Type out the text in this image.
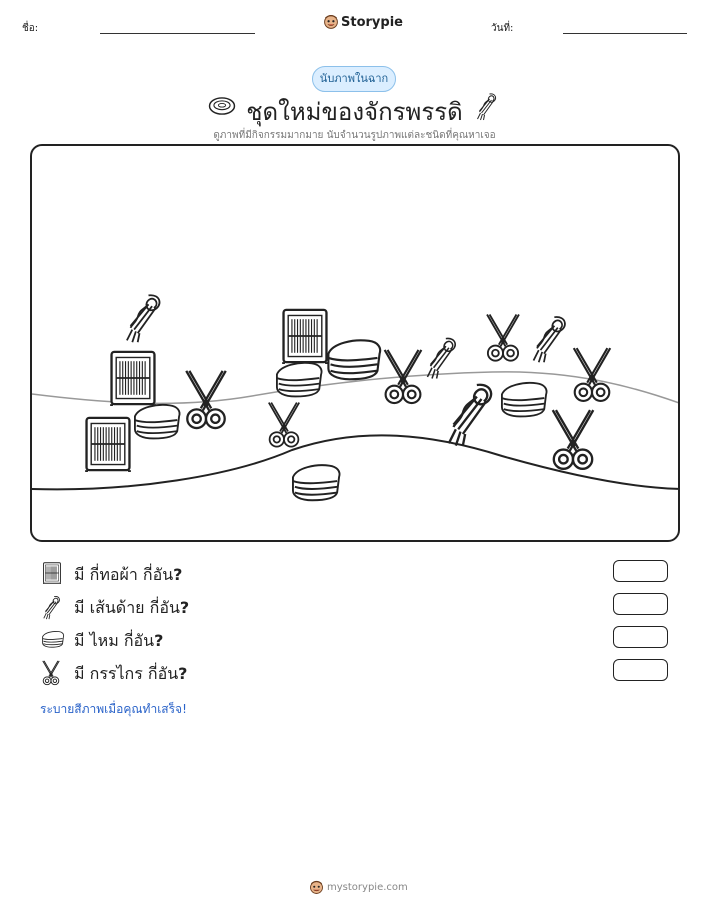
ชื่อ:	Storypie	วันที่:
นับภาพในฉาก
ชุดใหม่ของจักรพรรดิ
ดูภาพที่มีกิจกรรมมากมาย นับจำนวนรูปภาพแต่ละชนิดที่คุณหาเจอ
มี กี่ทอผ้า กี่อัน?
มี เส้นด้าย กี่อัน?
มี ไหม กี่อัน?
มี กรรไกร กี่อัน?
ระบายสีภาพเมื่อคุณทำเสร็จ!
mystorypie.com
